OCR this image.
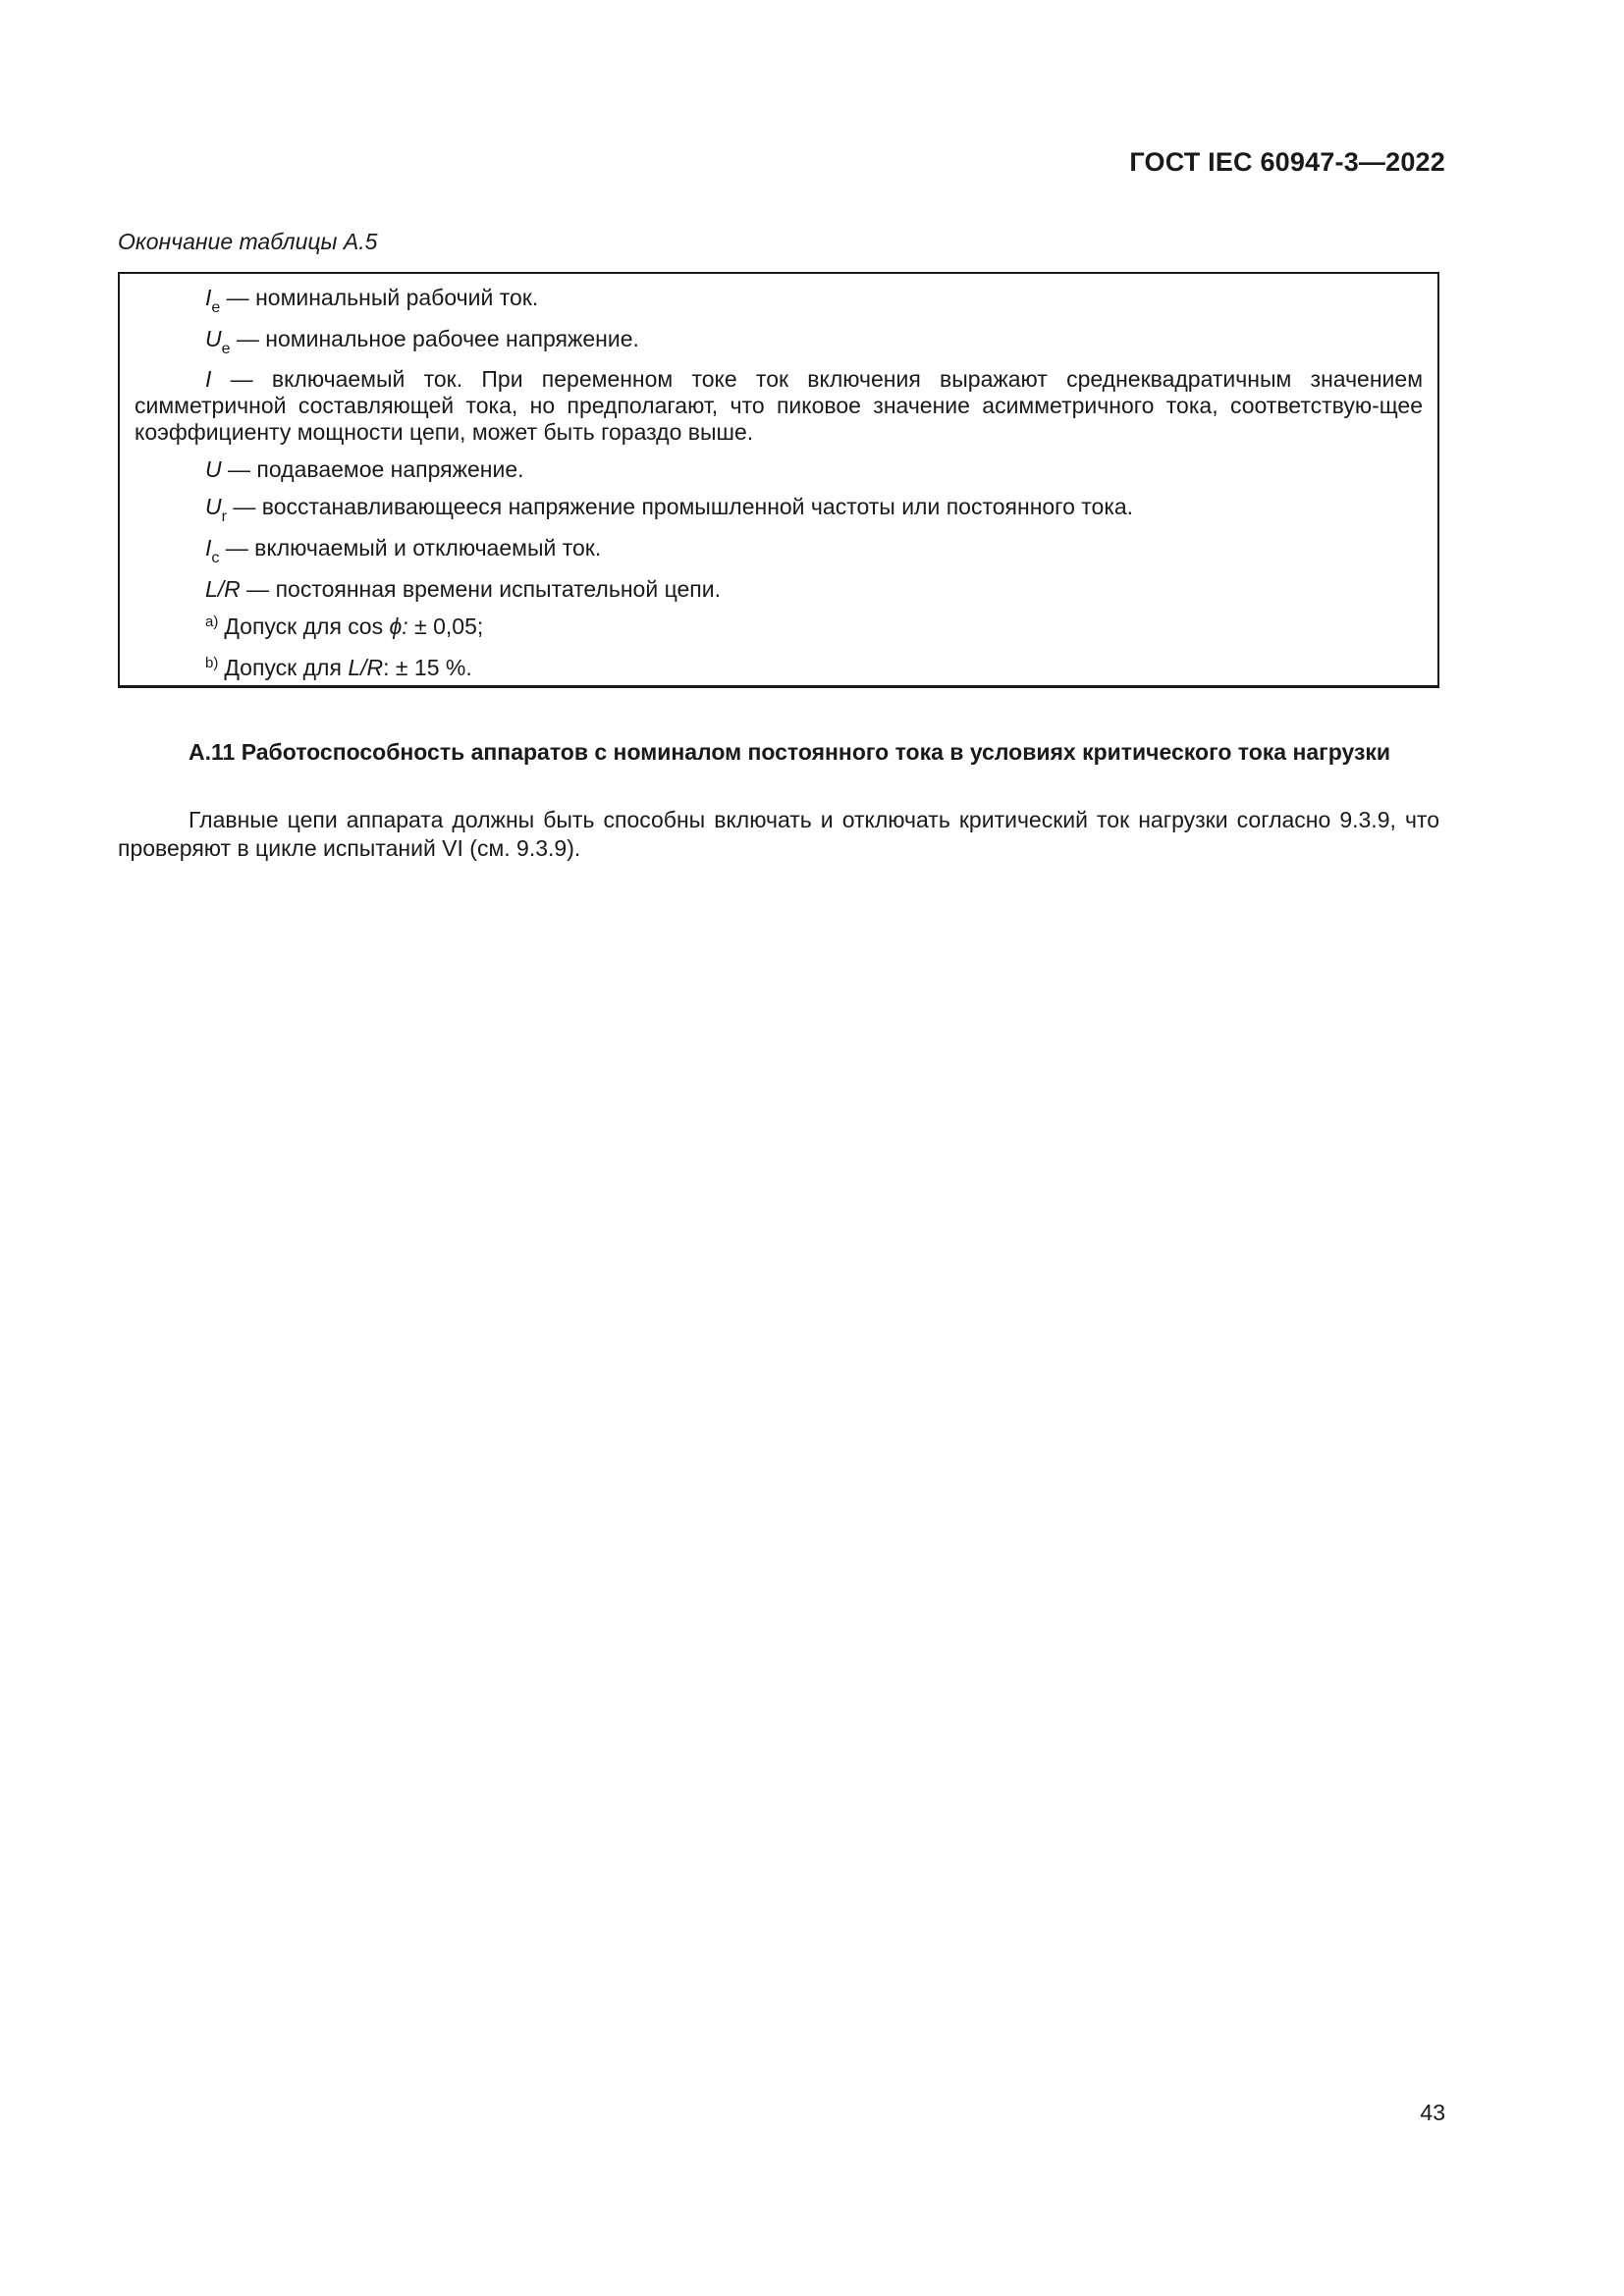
ГОСТ IEC 60947-3—2022
Окончание таблицы А.5
$I_e$ — номинальный рабочий ток.
$U_e$ — номинальное рабочее напряжение.
I — включаемый ток. При переменном токе ток включения выражают среднеквадратичным значением симметричной составляющей тока, но предполагают, что пиковое значение асимметричного тока, соответствую-щее коэффициенту мощности цепи, может быть гораздо выше.
U — подаваемое напряжение.
$U_r$ — восстанавливающееся напряжение промышленной частоты или постоянного тока.
$I_c$ — включаемый и отключаемый ток.
L/R — постоянная времени испытательной цепи.
$^{a)}$ Допуск для cos ϕ: ± 0,05;
$^{b)}$ Допуск для L/R: ± 15 %.
А.11 Работоспособность аппаратов с номиналом постоянного тока в условиях критического тока нагрузки
Главные цепи аппарата должны быть способны включать и отключать критический ток нагрузки согласно 9.3.9, что проверяют в цикле испытаний VI (см. 9.3.9).
43
